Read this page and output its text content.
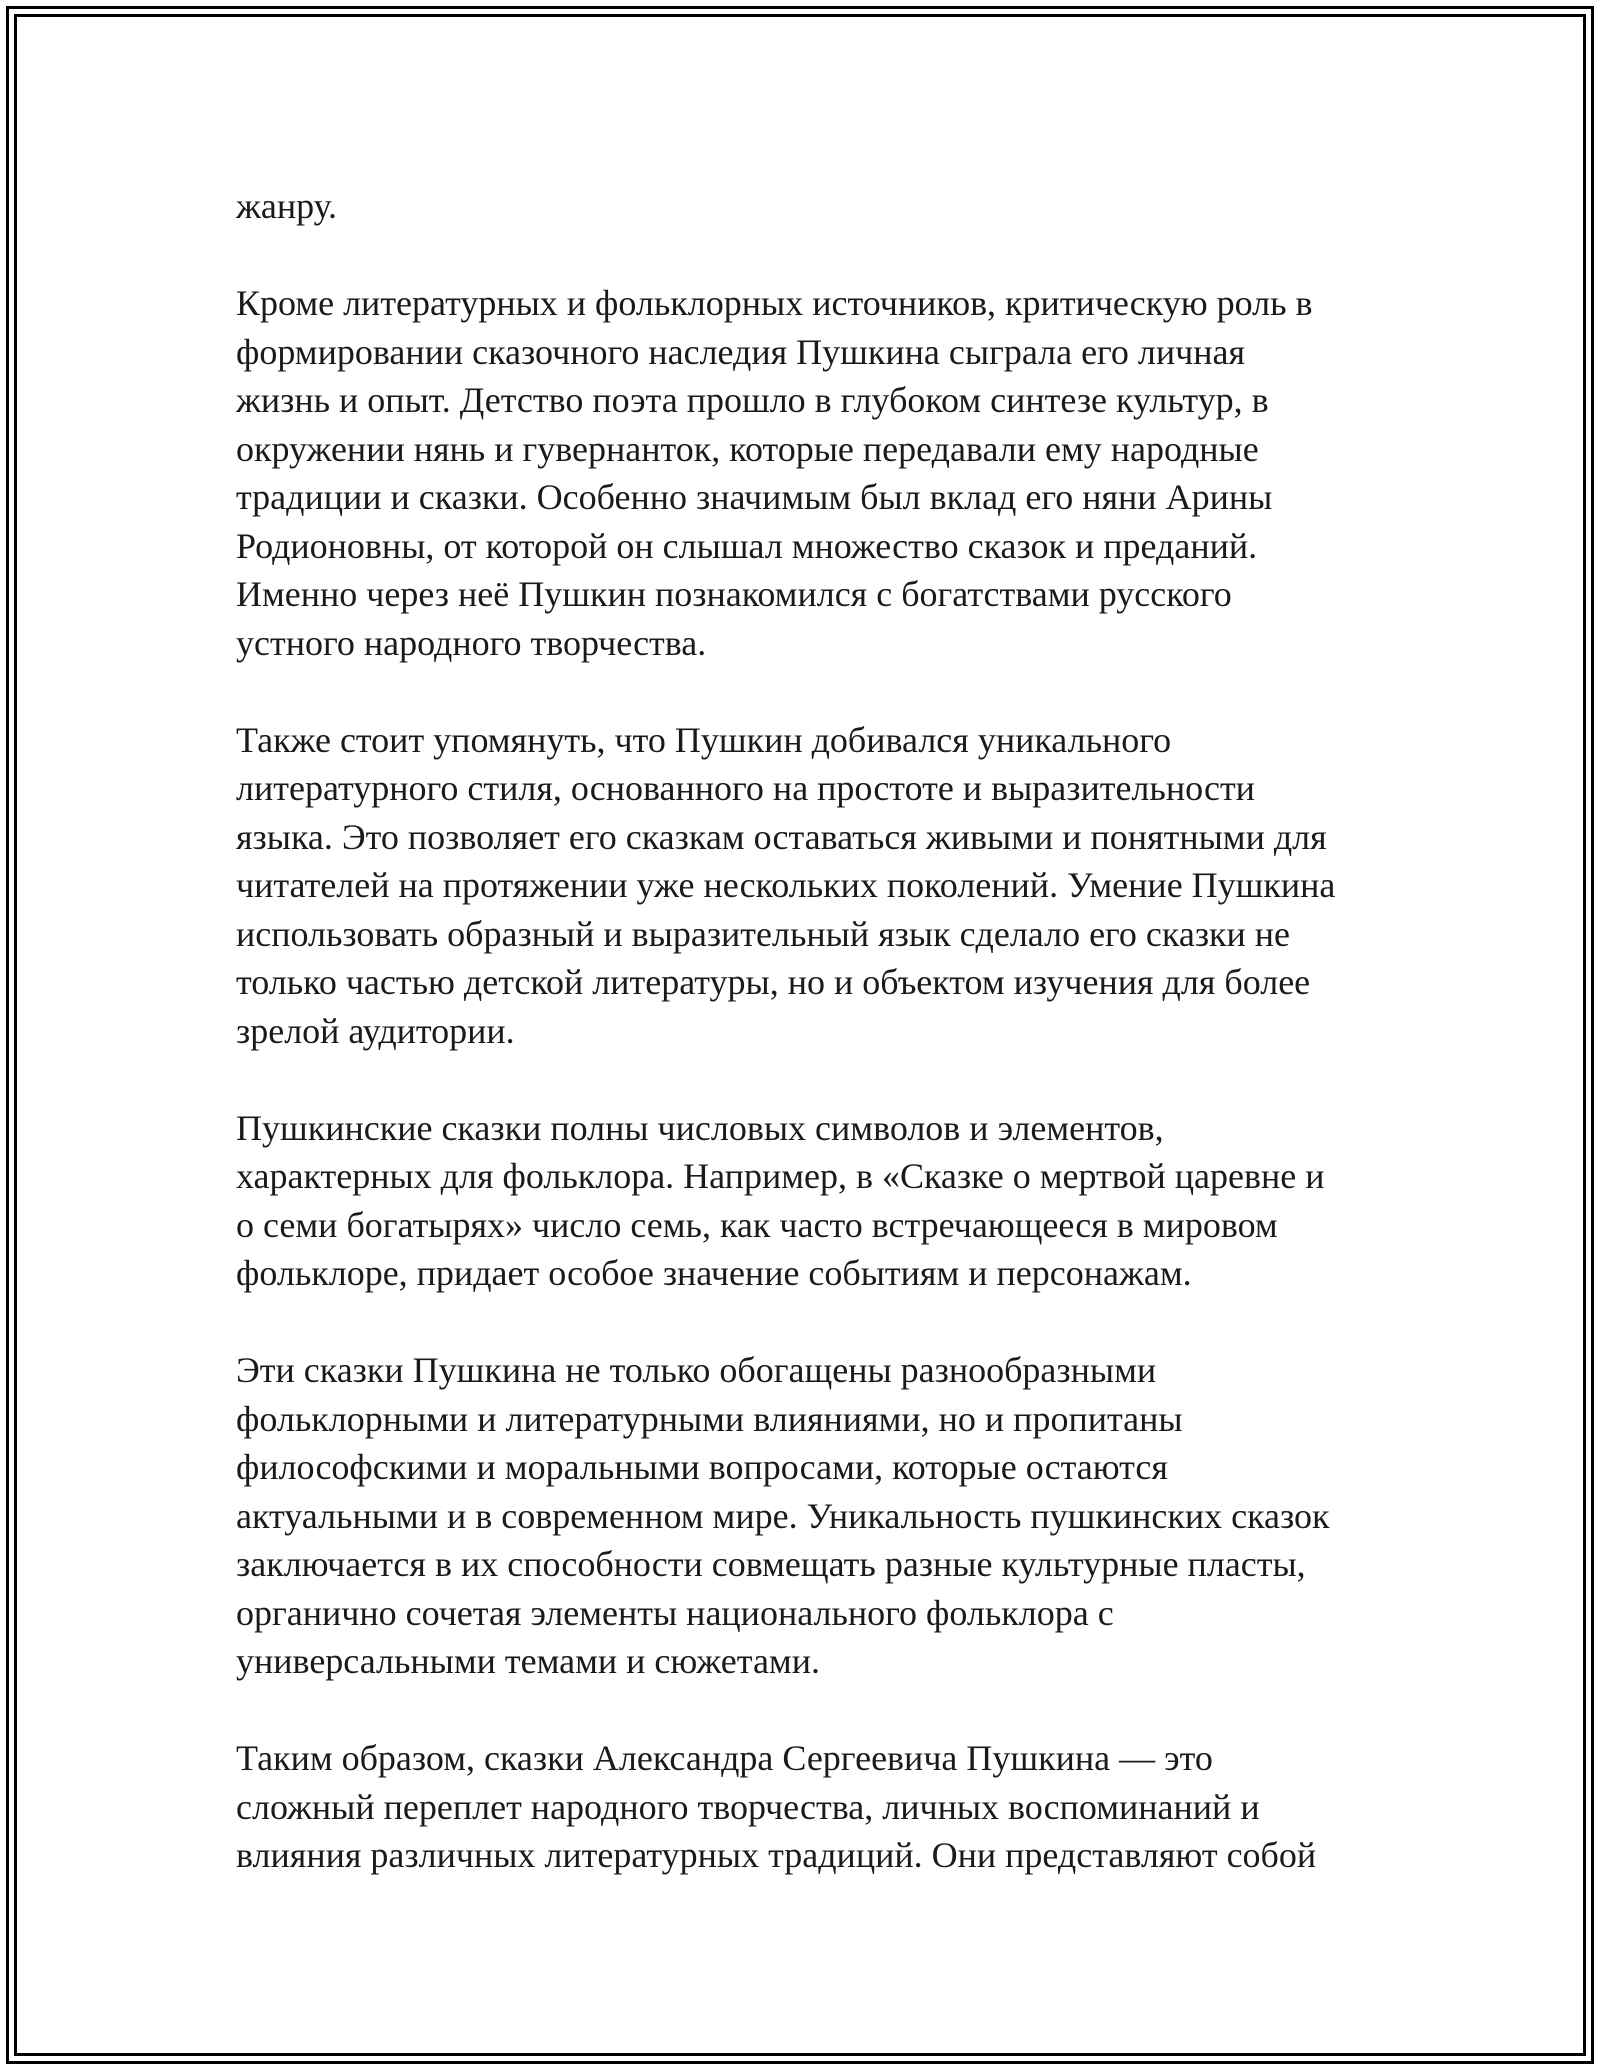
жанру.

Кроме литературных и фольклорных источников, критическую роль в
формировании сказочного наследия Пушкина сыграла его личная
жизнь и опыт. Детство поэта прошло в глубоком синтезе культур, в
окружении нянь и гувернанток, которые передавали ему народные
традиции и сказки. Особенно значимым был вклад его няни Арины
Родионовны, от которой он слышал множество сказок и преданий.
Именно через неё Пушкин познакомился с богатствами русского
устного народного творчества.

Также стоит упомянуть, что Пушкин добивался уникального
литературного стиля, основанного на простоте и выразительности
языка. Это позволяет его сказкам оставаться живыми и понятными для
читателей на протяжении уже нескольких поколений. Умение Пушкина
использовать образный и выразительный язык сделало его сказки не
только частью детской литературы, но и объектом изучения для более
зрелой аудитории.

Пушкинские сказки полны числовых символов и элементов,
характерных для фольклора. Например, в «Сказке о мертвой царевне и
о семи богатырях» число семь, как часто встречающееся в мировом
фольклоре, придает особое значение событиям и персонажам.

Эти сказки Пушкина не только обогащены разнообразными
фольклорными и литературными влияниями, но и пропитаны
философскими и моральными вопросами, которые остаются
актуальными и в современном мире. Уникальность пушкинских сказок
заключается в их способности совмещать разные культурные пласты,
органично сочетая элементы национального фольклора с
универсальными темами и сюжетами.

Таким образом, сказки Александра Сергеевича Пушкина — это
сложный переплет народного творчества, личных воспоминаний и
влияния различных литературных традиций. Они представляют собой
